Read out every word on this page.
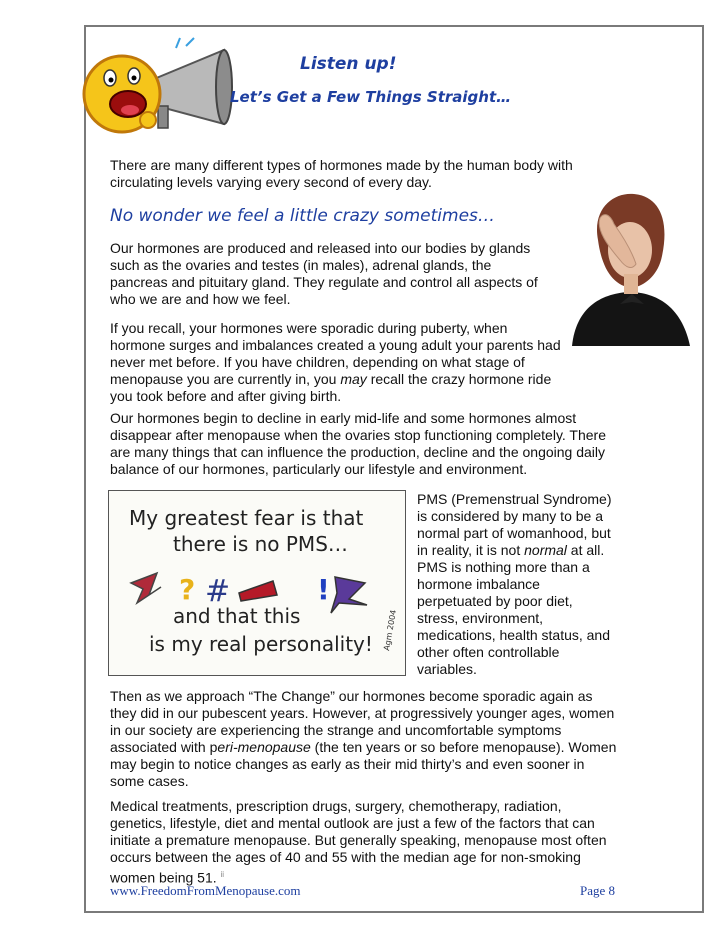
Listen up!
Let’s Get a Few Things Straight…

There are many different types of hormones made by the human body with circulating levels varying every second of every day.

No wonder we feel a little crazy sometimes…

Our hormones are produced and released into our bodies by glands such as the ovaries and testes (in males), adrenal glands, the pancreas and pituitary gland. They regulate and control all aspects of who we are and how we feel.

If you recall, your hormones were sporadic during puberty, when hormone surges and imbalances created a young adult your parents had never met before. If you have children, depending on what stage of menopause you are currently in, you may recall the crazy hormone ride you took before and after giving birth.

Our hormones begin to decline in early mid-life and some hormones almost disappear after menopause when the ovaries stop functioning completely. There are many things that can influence the production, decline and the ongoing daily balance of our hormones, particularly our lifestyle and environment.

My greatest fear is that
there is no PMS…
and that this
is my real personality! Agm 2004
? #	!

PMS (Premenstrual Syndrome) is considered by many to be a normal part of womanhood, but in reality, it is not normal at all. PMS is nothing more than a hormone imbalance perpetuated by poor diet, stress, environment, medications, health status, and other often controllable variables.

Then as we approach “The Change” our hormones become sporadic again as they did in our pubescent years. However, at progressively younger ages, women in our society are experiencing the strange and uncomfortable symptoms associated with peri-menopause (the ten years or so before menopause). Women may begin to notice changes as early as their mid thirty’s and even sooner in some cases.

Medical treatments, prescription drugs, surgery, chemotherapy, radiation, genetics, lifestyle, diet and mental outlook are just a few of the factors that can initiate a premature menopause. But generally speaking, menopause most often occurs between the ages of 40 and 55 with the median age for non-smoking women being 51. $^{ii}$

www.FreedomFromMenopause.com	Page 8
